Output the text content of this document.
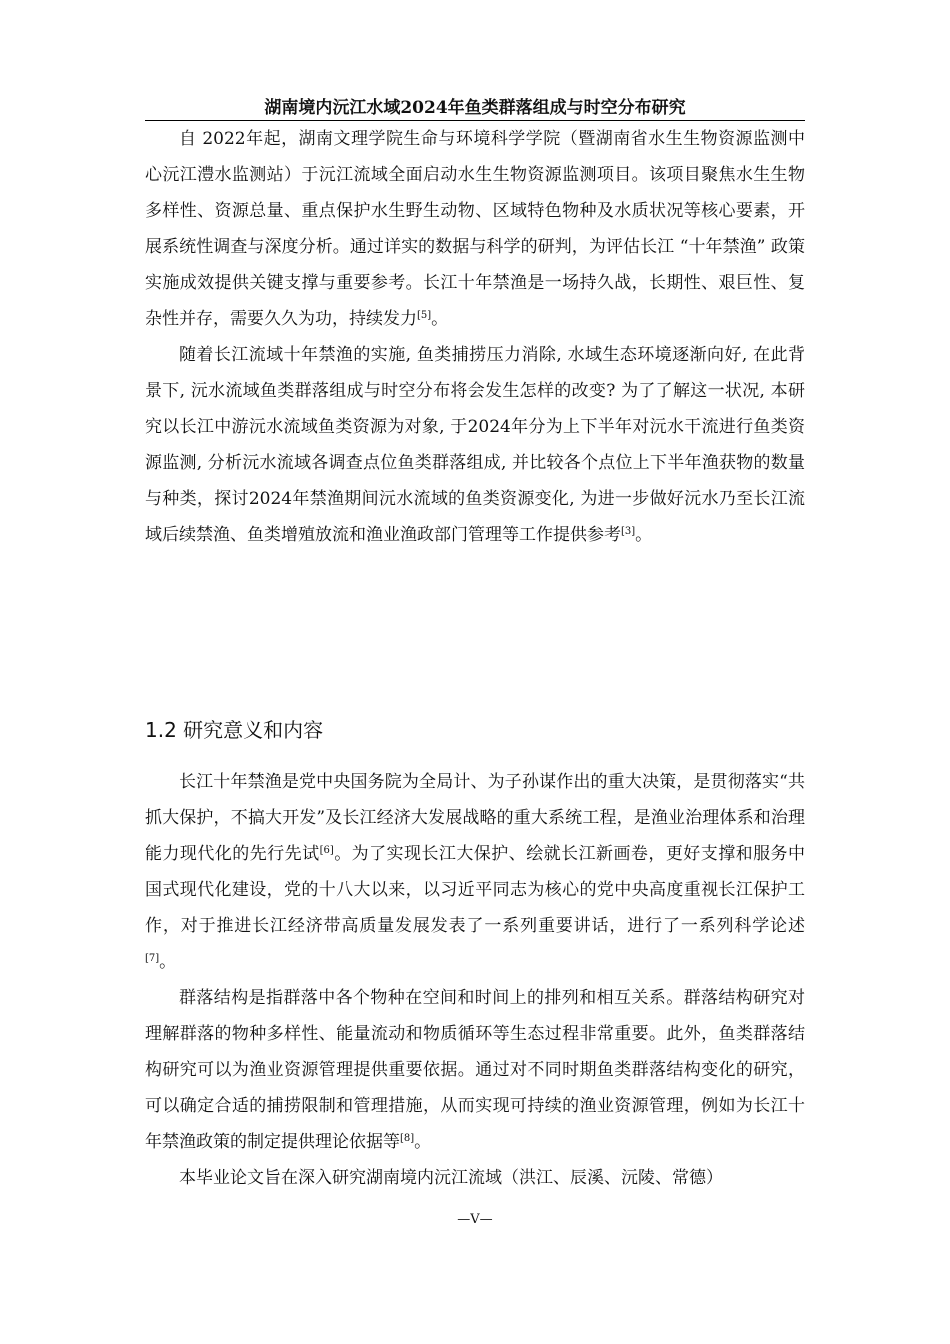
湖南境内沅江水域2024年鱼类群落组成与时空分布研究

自 2022年起，湖南文理学院生命与环境科学学院（暨湖南省水生生物资源监测中心沅江澧水监测站）于沅江流域全面启动水生生物资源监测项目。该项目聚焦水生生物多样性、资源总量、重点保护水生野生动物、区域特色物种及水质状况等核心要素，开展系统性调查与深度分析。通过详实的数据与科学的研判，为评估长江 “十年禁渔” 政策实施成效提供关键支撑与重要参考。长江十年禁渔是一场持久战，长期性、艰巨性、复杂性并存，需要久久为功，持续发力[5]。

随着长江流域十年禁渔的实施, 鱼类捕捞压力消除, 水域生态环境逐渐向好, 在此背景下, 沅水流域鱼类群落组成与时空分布将会发生怎样的改变? 为了了解这一状况, 本研究以长江中游沅水流域鱼类资源为对象, 于2024年分为上下半年对沅水干流进行鱼类资源监测, 分析沅水流域各调查点位鱼类群落组成, 并比较各个点位上下半年渔获物的数量与种类，探讨2024年禁渔期间沅水流域的鱼类资源变化, 为进一步做好沅水乃至长江流域后续禁渔、鱼类增殖放流和渔业渔政部门管理等工作提供参考[3]。

1.2 研究意义和内容

长江十年禁渔是党中央国务院为全局计、为子孙谋作出的重大决策，是贯彻落实“共抓大保护，不搞大开发”及长江经济大发展战略的重大系统工程，是渔业治理体系和治理能力现代化的先行先试[6]。为了实现长江大保护、绘就长江新画卷，更好支撑和服务中国式现代化建设，党的十八大以来，以习近平同志为核心的党中央高度重视长江保护工作，对于推进长江经济带高质量发展发表了一系列重要讲话，进行了一系列科学论述[7]。

群落结构是指群落中各个物种在空间和时间上的排列和相互关系。群落结构研究对理解群落的物种多样性、能量流动和物质循环等生态过程非常重要。此外，鱼类群落结构研究可以为渔业资源管理提供重要依据。通过对不同时期鱼类群落结构变化的研究，可以确定合适的捕捞限制和管理措施，从而实现可持续的渔业资源管理，例如为长江十年禁渔政策的制定提供理论依据等[8]。

本毕业论文旨在深入研究湖南境内沅江流域（洪江、辰溪、沅陵、常德）

—V—
